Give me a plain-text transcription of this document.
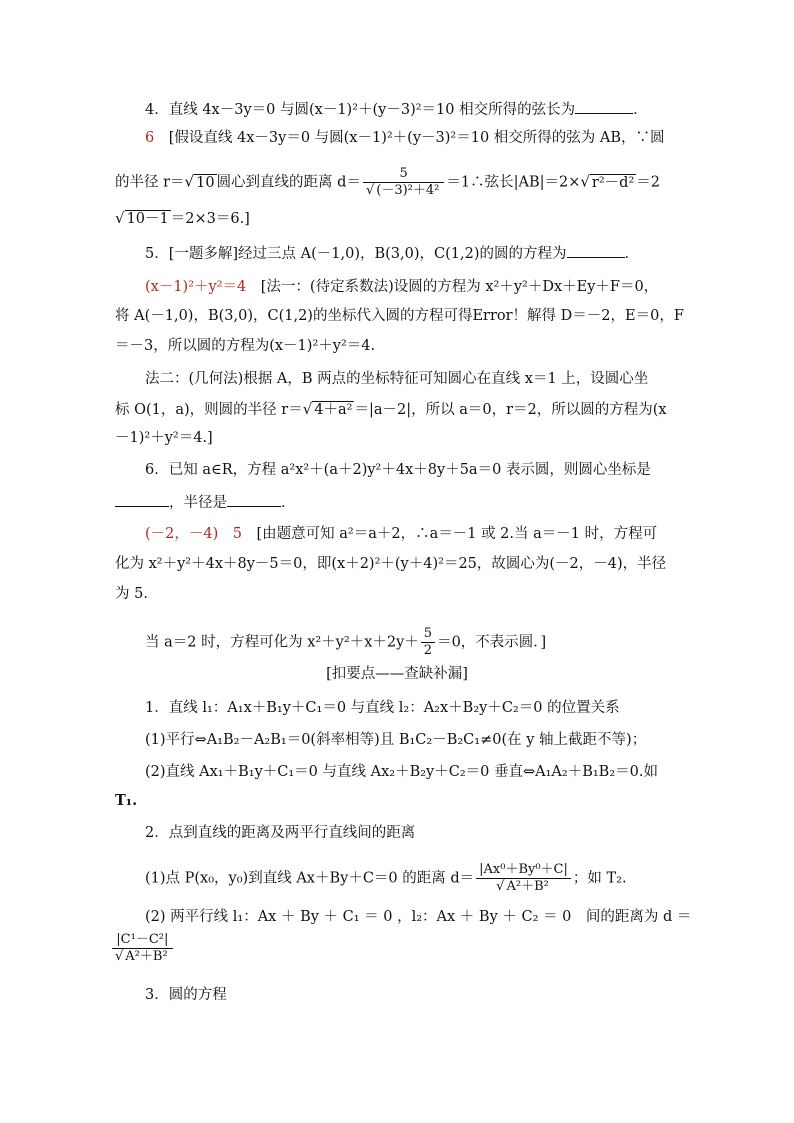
4．直线 4x－3y＝0 与圆(x－1)²＋(y－3)²＝10 相交所得的弦长为	．
6　 [假设直线 4x－3y＝0 与圆(x－1)²＋(y－3)²＝10 相交所得的弦为 AB，∵圆
的半径 r＝√ 10 圆心到直线的距离 $d= \frac{5}{\text{√ (－3)²＋4²}}$ ＝1∴弦长|AB|＝2×√ r²－d² ＝2
√ 10－1 ＝2×3＝6.]
5．[一题多解]经过三点 A(－1,0)，B(3,0)，C(1,2)的圆的方程为	．
(x－1)²＋y²＝4　 [法一：(待定系数法)设圆的方程为 x²＋y²＋Dx＋Ey＋F＝0，
将 A(－1,0)，B(3,0)，C(1,2)的坐标代入圆的方程可得Error！解得 D＝－2，E＝0，F
＝－3，所以圆的方程为(x－1)²＋y²＝4.
法二：(几何法)根据 A，B 两点的坐标特征可知圆心在直线 x＝1 上，设圆心坐
标 O(1，a)，则圆的半径 r＝√ 4＋a² ＝|a－2|，所以 a＝0，r＝2，所以圆的方程为(x
－1)²＋y²＝4.]
6．已知 a∈R，方程 a²x²＋(a＋2)y²＋4x＋8y＋5a＝0 表示圆，则圆心坐标是
，半径是	．
(－2，－4)　5　 [由题意可知 a²＝a＋2，∴a＝－1 或 2.当 a＝－1 时，方程可
化为 x²＋y²＋4x＋8y－5＝0，即(x＋2)²＋(y＋4)²＝25，故圆心为(－2，－4)，半径
为 5.
当 a＝2 时，方程可化为 $x^2+y^2+x+2y+ \frac{5}{2} =0$，不表示圆．]
[扣要点——查缺补漏]
1．直线 l₁：A₁x＋B₁y＋C₁＝0 与直线 l₂：A₂x＋B₂y＋C₂＝0 的位置关系
(1)平行⇔A₁B₂－A₂B₁＝0(斜率相等)且 B₁C₂－B₂C₁≠0(在 y 轴上截距不等)；
(2)直线 Ax₁＋B₁y＋C₁＝0 与直线 Ax₂＋B₂y＋C₂＝0 垂直⇔A₁A₂＋B₁B₂＝0.如
T₁.
2．点到直线的距离及两平行直线间的距离
(1)点 P(x₀，y₀)到直线 Ax＋By＋C＝0 的距离 $d= \frac{\text{|Ax⁰＋By⁰＋C|}}{\text{√ A²＋B²}}$ ；如 T₂.
(2) 两平行线 l₁：Ax ＋ By ＋ C₁ ＝ 0 ，l₂：Ax ＋ By ＋ C₂ ＝ 0　间的距离为 d ＝
$\frac{\text{|C¹－C²|}}{\text{√ A²＋B²}}$
3．圆的方程
